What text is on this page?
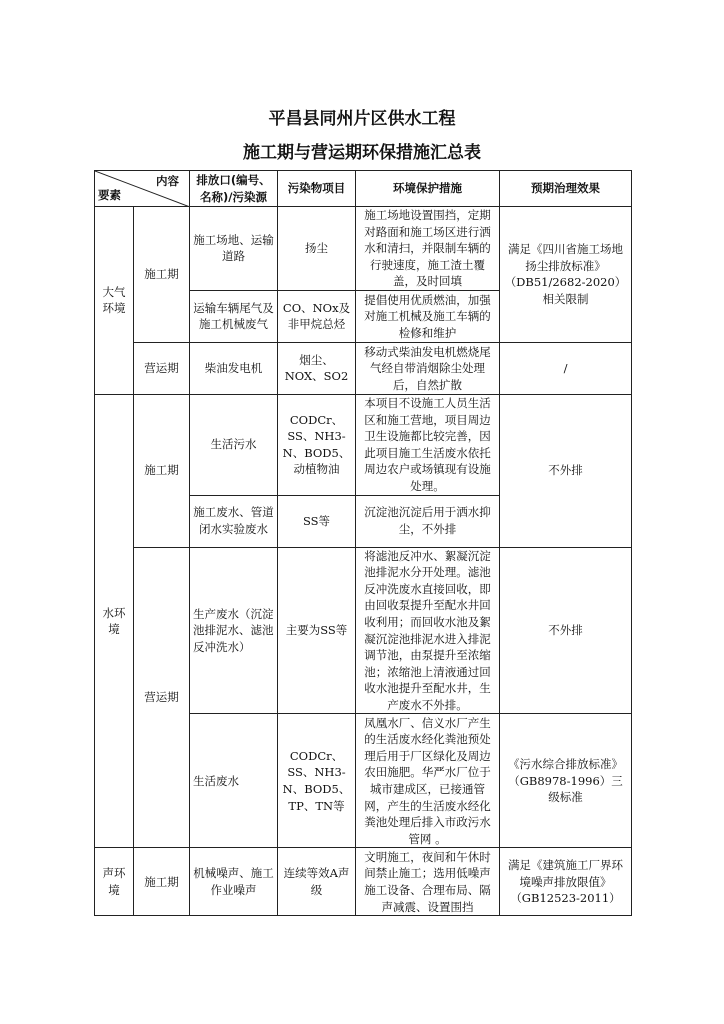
平昌县同州片区供水工程
施工期与营运期环保措施汇总表
内容
要素		排放口(编号、名称)/污染源	污染物项目	环境保护措施	预期治理效果
大气环境	施工期	施工场地、运输道路	扬尘	施工场地设置围挡，定期对路面和施工场区进行洒水和清扫，并限制车辆的行驶速度，施工渣土覆盖，及时回填	满足《四川省施工场地扬尘排放标准》（DB51/2682-2020）相关限制
		运输车辆尾气及施工机械废气	CO、NOx及非甲烷总烃	提倡使用优质燃油，加强对施工机械及施工车辆的检修和维护	
	营运期	柴油发电机	烟尘、NOX、SO2	移动式柴油发电机燃烧尾气经自带消烟除尘处理后，自然扩散	/
水环境	施工期	生活污水	CODCr、SS、NH3-N、BOD5、动植物油	本项目不设施工人员生活区和施工营地，项目周边卫生设施都比较完善，因此项目施工生活废水依托周边农户或场镇现有设施处理。	不外排
		施工废水、管道闭水实验废水	SS等	沉淀池沉淀后用于洒水抑尘，不外排	
	营运期	生产废水（沉淀池排泥水、滤池反冲洗水）	主要为SS等	将滤池反冲水、絮凝沉淀池排泥水分开处理。滤池反冲洗废水直接回收，即由回收泵提升至配水井回收利用；而回收水池及絮凝沉淀池排泥水进入排泥调节池，由泵提升至浓缩池；浓缩池上清液通过回收水池提升至配水井，生产废水不外排。	不外排
		生活废水	CODCr、SS、NH3-N、BOD5、TP、TN等	凤凰水厂、信义水厂产生的生活废水经化粪池预处理后用于厂区绿化及周边农田施肥。华严水厂位于城市建成区，已接通管网，产生的生活废水经化粪池处理后排入市政污水管网 。	《污水综合排放标准》（GB8978-1996）三级标准
声环境	施工期	机械噪声、施工作业噪声	连续等效A声级	文明施工，夜间和午休时间禁止施工；选用低噪声施工设备、合理布局、隔声减震、设置围挡	满足《建筑施工厂界环境噪声排放限值》（GB12523-2011）
